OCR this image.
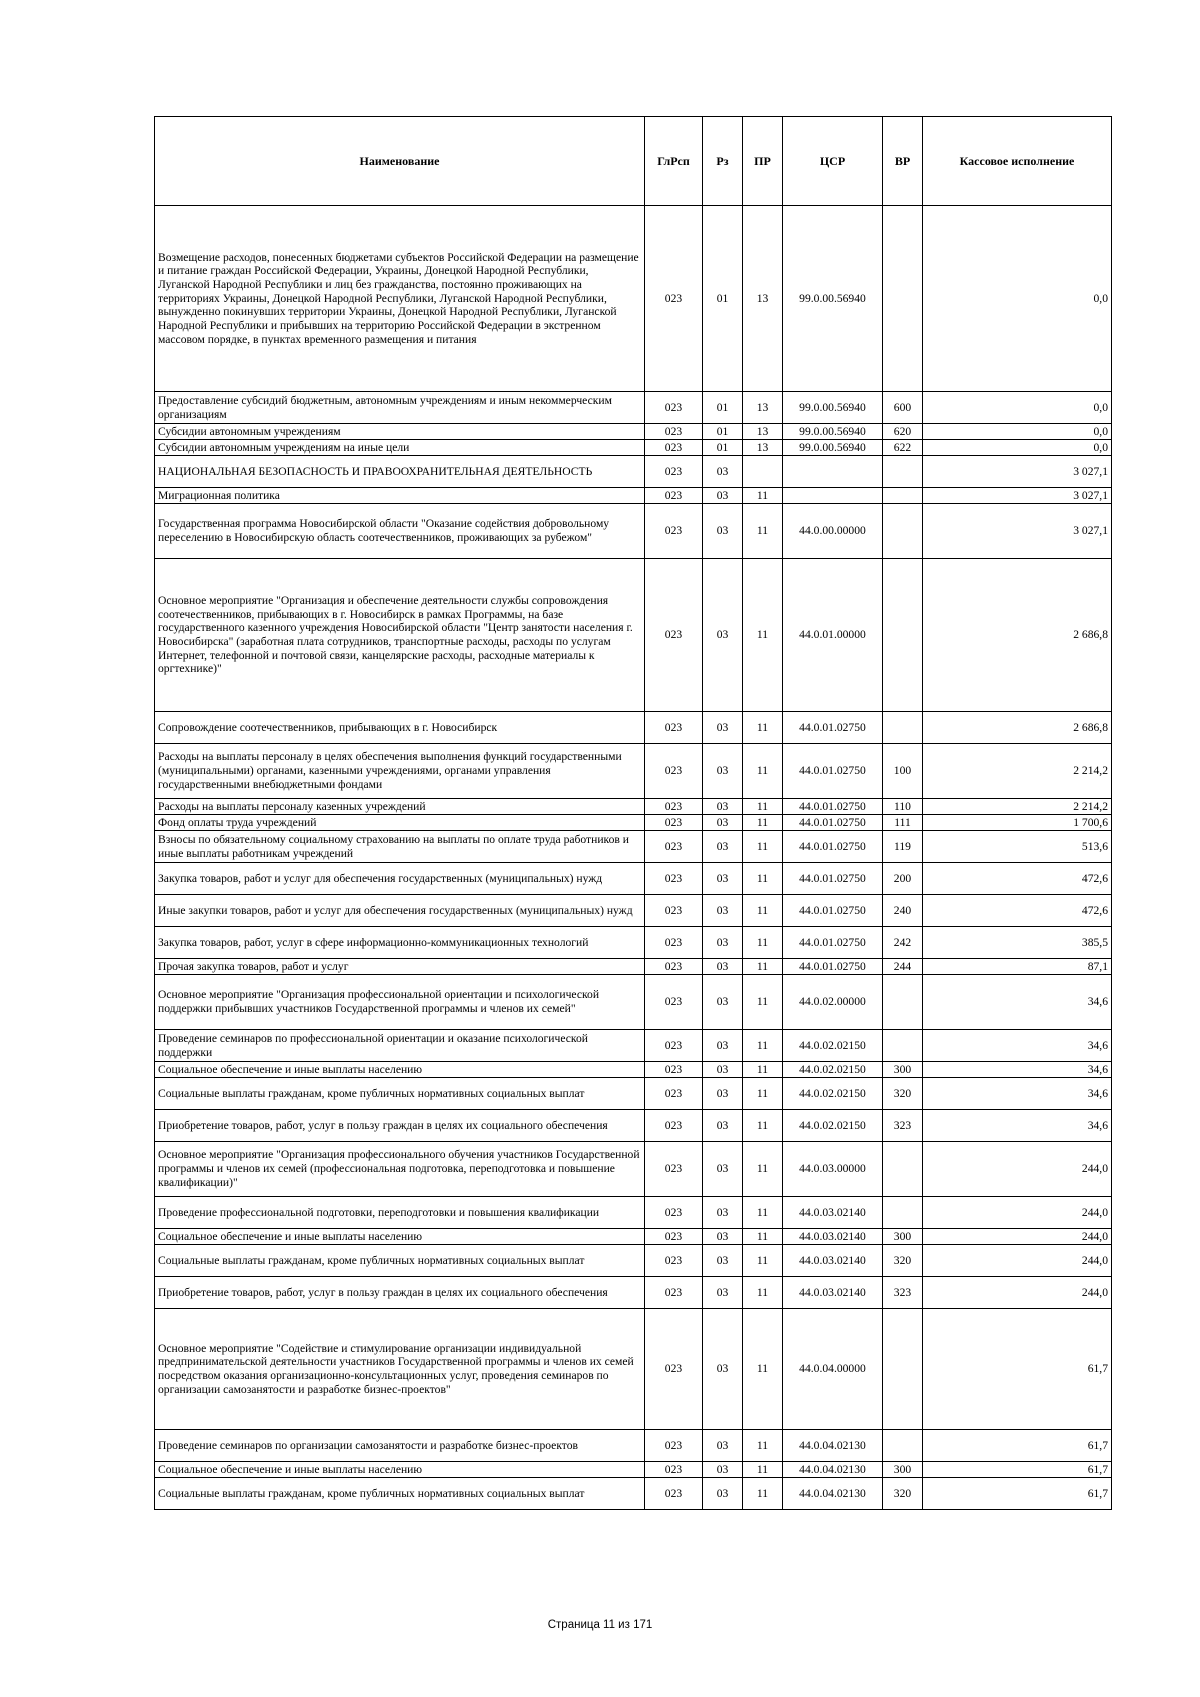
Наименование	ГлРсп	Рз	ПР	ЦСР	ВР	Кассовое исполнение
Возмещение расходов, понесенных бюджетами субъектов Российской Федерации на размещение и питание граждан Российской Федерации, Украины, Донецкой Народной Республики, Луганской Народной Республики и лиц без гражданства, постоянно проживающих на территориях Украины, Донецкой Народной Республики, Луганской Народной Республики, вынужденно покинувших территории Украины, Донецкой Народной Республики, Луганской Народной Республики и прибывших на территорию Российской Федерации в экстренном массовом порядке, в пунктах временного размещения и питания	023	01	13	99.0.00.56940		0,0
Предоставление субсидий бюджетным, автономным учреждениям и иным некоммерческим организациям	023	01	13	99.0.00.56940	600	0,0
Субсидии автономным учреждениям	023	01	13	99.0.00.56940	620	0,0
Субсидии автономным учреждениям на иные цели	023	01	13	99.0.00.56940	622	0,0
НАЦИОНАЛЬНАЯ БЕЗОПАСНОСТЬ И ПРАВООХРАНИТЕЛЬНАЯ ДЕЯТЕЛЬНОСТЬ	023	03				3 027,1
Миграционная политика	023	03	11			3 027,1
Государственная программа Новосибирской области "Оказание содействия добровольному переселению в Новосибирскую область соотечественников, проживающих за рубежом"	023	03	11	44.0.00.00000		3 027,1
Основное мероприятие "Организация и обеспечение деятельности службы сопровождения соотечественников, прибывающих в г. Новосибирск в рамках Программы, на базе государственного казенного учреждения Новосибирской области "Центр занятости населения г. Новосибирска" (заработная плата сотрудников, транспортные расходы, расходы по услугам Интернет, телефонной и почтовой связи, канцелярские расходы, расходные материалы к оргтехнике)"	023	03	11	44.0.01.00000		2 686,8
Сопровождение соотечественников, прибывающих в г. Новосибирск	023	03	11	44.0.01.02750		2 686,8
Расходы на выплаты персоналу в целях обеспечения выполнения функций государственными (муниципальными) органами, казенными учреждениями, органами управления государственными внебюджетными фондами	023	03	11	44.0.01.02750	100	2 214,2
Расходы на выплаты персоналу казенных учреждений	023	03	11	44.0.01.02750	110	2 214,2
Фонд оплаты труда учреждений	023	03	11	44.0.01.02750	111	1 700,6
Взносы по обязательному социальному страхованию на выплаты по оплате труда работников и иные выплаты работникам учреждений	023	03	11	44.0.01.02750	119	513,6
Закупка товаров, работ и услуг для обеспечения государственных (муниципальных) нужд	023	03	11	44.0.01.02750	200	472,6
Иные закупки товаров, работ и услуг для обеспечения государственных (муниципальных) нужд	023	03	11	44.0.01.02750	240	472,6
Закупка товаров, работ, услуг в сфере информационно-коммуникационных технологий	023	03	11	44.0.01.02750	242	385,5
Прочая закупка товаров, работ и услуг	023	03	11	44.0.01.02750	244	87,1
Основное мероприятие "Организация профессиональной ориентации и психологической поддержки прибывших участников Государственной программы и членов их семей"	023	03	11	44.0.02.00000		34,6
Проведение семинаров по профессиональной ориентации и оказание психологической поддержки	023	03	11	44.0.02.02150		34,6
Социальное обеспечение и иные выплаты населению	023	03	11	44.0.02.02150	300	34,6
Социальные выплаты гражданам, кроме публичных нормативных социальных выплат	023	03	11	44.0.02.02150	320	34,6
Приобретение товаров, работ, услуг в пользу граждан в целях их социального обеспечения	023	03	11	44.0.02.02150	323	34,6
Основное мероприятие "Организация профессионального обучения участников Государственной программы и членов их семей (профессиональная подготовка, переподготовка и повышение квалификации)"	023	03	11	44.0.03.00000		244,0
Проведение профессиональной подготовки, переподготовки и повышения квалификации	023	03	11	44.0.03.02140		244,0
Социальное обеспечение и иные выплаты населению	023	03	11	44.0.03.02140	300	244,0
Социальные выплаты гражданам, кроме публичных нормативных социальных выплат	023	03	11	44.0.03.02140	320	244,0
Приобретение товаров, работ, услуг в пользу граждан в целях их социального обеспечения	023	03	11	44.0.03.02140	323	244,0
Основное мероприятие "Содействие и стимулирование организации индивидуальной предпринимательской деятельности участников Государственной программы и членов их семей посредством оказания организационно-консультационных услуг, проведения семинаров по организации самозанятости и разработке бизнес-проектов"	023	03	11	44.0.04.00000		61,7
Проведение семинаров по организации самозанятости и разработке бизнес-проектов	023	03	11	44.0.04.02130		61,7
Социальное обеспечение и иные выплаты населению	023	03	11	44.0.04.02130	300	61,7
Социальные выплаты гражданам, кроме публичных нормативных социальных выплат	023	03	11	44.0.04.02130	320	61,7
Страница 11 из 171
